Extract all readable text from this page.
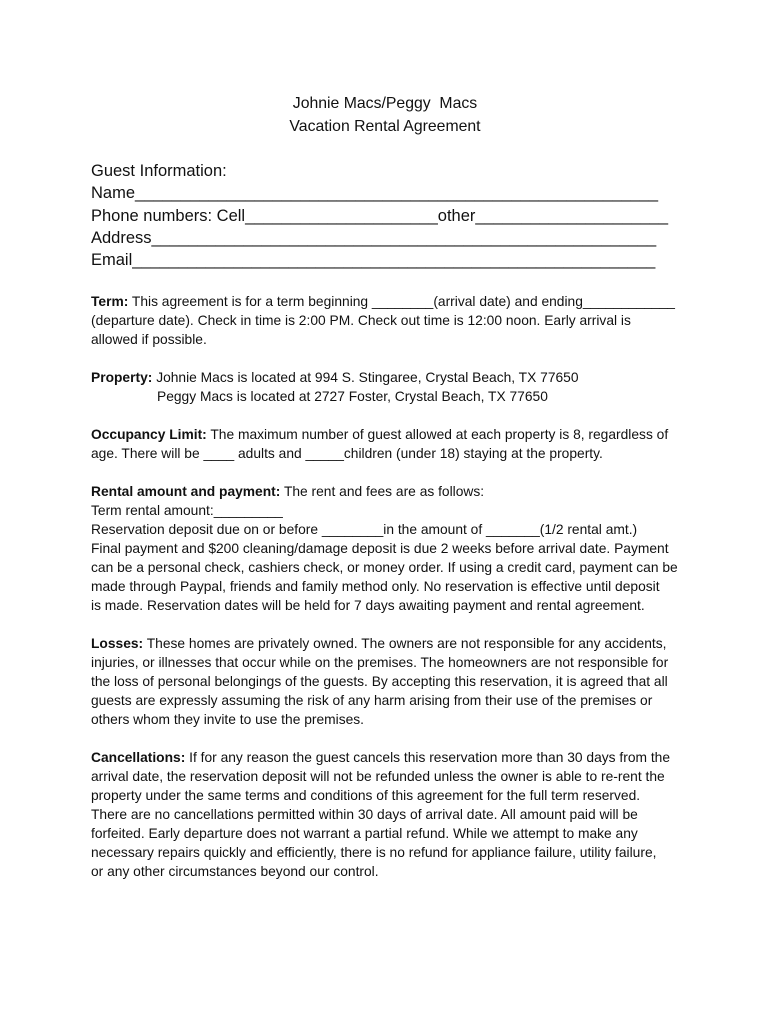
Johnie Macs/Peggy  Macs
Vacation Rental Agreement
Guest Information:
Name_________________________________________________________
Phone numbers: Cell_____________________other_____________________
Address_______________________________________________________
Email_________________________________________________________
Term: This agreement is for a term beginning ________(arrival date) and ending____________
(departure date). Check in time is 2:00 PM. Check out time is 12:00 noon. Early arrival is
allowed if possible.
Property: Johnie Macs is located at 994 S. Stingaree, Crystal Beach, TX 77650
Peggy Macs is located at 2727 Foster, Crystal Beach, TX 77650
Occupancy Limit: The maximum number of guest allowed at each property is 8, regardless of
age. There will be ____ adults and _____children (under 18) staying at the property.
Rental amount and payment: The rent and fees are as follows:
Term rental amount:_________
Reservation deposit due on or before ________in the amount of _______(1/2 rental amt.)
Final payment and $200 cleaning/damage deposit is due 2 weeks before arrival date. Payment
can be a personal check, cashiers check, or money order. If using a credit card, payment can be
made through Paypal, friends and family method only. No reservation is effective until deposit
is made. Reservation dates will be held for 7 days awaiting payment and rental agreement.
Losses: These homes are privately owned. The owners are not responsible for any accidents,
injuries, or illnesses that occur while on the premises. The homeowners are not responsible for
the loss of personal belongings of the guests. By accepting this reservation, it is agreed that all
guests are expressly assuming the risk of any harm arising from their use of the premises or
others whom they invite to use the premises.
Cancellations: If for any reason the guest cancels this reservation more than 30 days from the
arrival date, the reservation deposit will not be refunded unless the owner is able to re-rent the
property under the same terms and conditions of this agreement for the full term reserved.
There are no cancellations permitted within 30 days of arrival date. All amount paid will be
forfeited. Early departure does not warrant a partial refund. While we attempt to make any
necessary repairs quickly and efficiently, there is no refund for appliance failure, utility failure,
or any other circumstances beyond our control.
